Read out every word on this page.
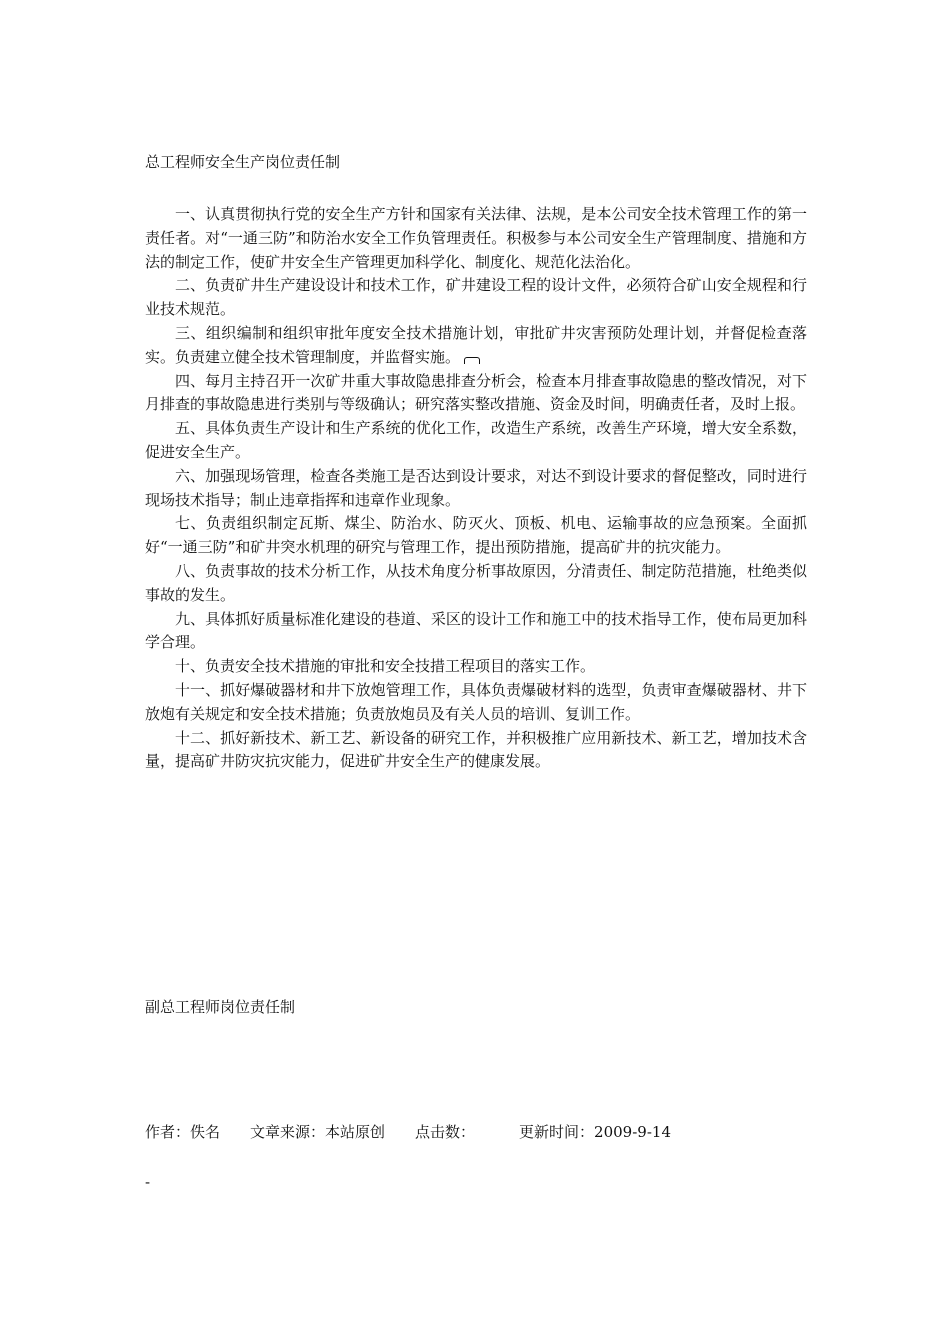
总工程师安全生产岗位责任制

一、认真贯彻执行党的安全生产方针和国家有关法律、法规，是本公司安全技术管理工作的第一责任者。对“一通三防”和防治水安全工作负管理责任。积极参与本公司安全生产管理制度、措施和方法的制定工作，使矿井安全生产管理更加科学化、制度化、规范化法治化。

二、负责矿井生产建设设计和技术工作，矿井建设工程的设计文件，必须符合矿山安全规程和行业技术规范。

三、组织编制和组织审批年度安全技术措施计划，审批矿井灾害预防处理计划，并督促检查落实。负责建立健全技术管理制度，并监督实施。

四、每月主持召开一次矿井重大事故隐患排查分析会，检查本月排查事故隐患的整改情况，对下月排查的事故隐患进行类别与等级确认；研究落实整改措施、资金及时间，明确责任者，及时上报。

五、具体负责生产设计和生产系统的优化工作，改造生产系统，改善生产环境，增大安全系数，促进安全生产。

六、加强现场管理，检查各类施工是否达到设计要求，对达不到设计要求的督促整改，同时进行现场技术指导；制止违章指挥和违章作业现象。

七、负责组织制定瓦斯、煤尘、防治水、防灭火、顶板、机电、运输事故的应急预案。全面抓好“一通三防”和矿井突水机理的研究与管理工作，提出预防措施，提高矿井的抗灾能力。

八、负责事故的技术分析工作，从技术角度分析事故原因，分清责任、制定防范措施，杜绝类似事故的发生。

九、具体抓好质量标准化建设的巷道、采区的设计工作和施工中的技术指导工作，使布局更加科学合理。

十、负责安全技术措施的审批和安全技措工程项目的落实工作。

十一、抓好爆破器材和井下放炮管理工作，具体负责爆破材料的选型，负责审查爆破器材、井下放炮有关规定和安全技术措施；负责放炮员及有关人员的培训、复训工作。

十二、抓好新技术、新工艺、新设备的研究工作，并积极推广应用新技术、新工艺，增加技术含量，提高矿井防灾抗灾能力，促进矿井安全生产的健康发展。

副总工程师岗位责任制
作者：佚名 文章来源：本站原创 点击数：	更新时间：2009-9-14
-
